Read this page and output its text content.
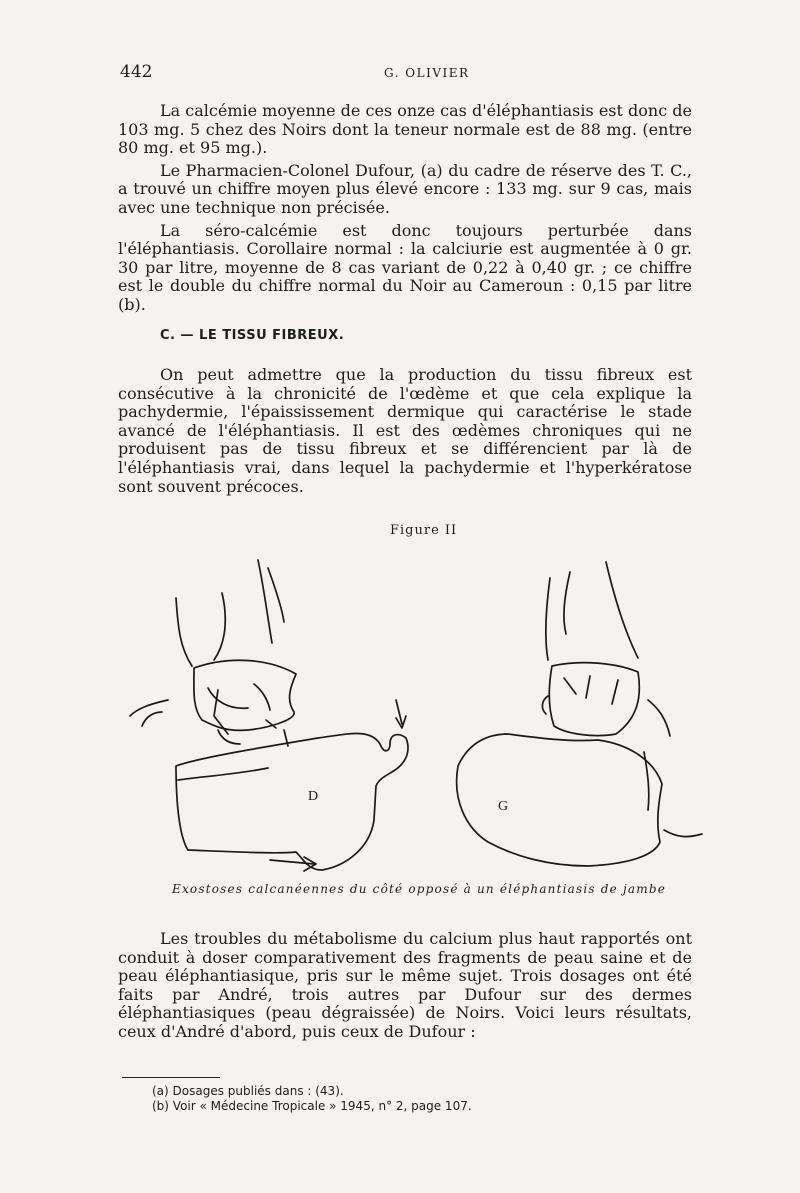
442	G. OLIVIER

La calcémie moyenne de ces onze cas d'éléphantiasis est donc de 103 mg. 5 chez des Noirs dont la teneur normale est de 88 mg. (entre 80 mg. et 95 mg.).

Le Pharmacien-Colonel Dufour, (a) du cadre de réserve des T. C., a trouvé un chiffre moyen plus élevé encore : 133 mg. sur 9 cas, mais avec une technique non précisée.

La séro-calcémie est donc toujours perturbée dans l'éléphantiasis. Corollaire normal : la calciurie est augmentée à 0 gr. 30 par litre, moyenne de 8 cas variant de 0,22 à 0,40 gr. ; ce chiffre est le double du chiffre normal du Noir au Cameroun : 0,15 par litre (b).

C. — LE TISSU FIBREUX.

On peut admettre que la production du tissu fibreux est consécutive à la chronicité de l'œdème et que cela explique la pachydermie, l'épaississement dermique qui caractérise le stade avancé de l'éléphantiasis. Il est des œdèmes chroniques qui ne produisent pas de tissu fibreux et se différencient par là de l'éléphantiasis vrai, dans lequel la pachydermie et l'hyperkératose sont souvent précoces.

Figure II
D
G
Exostoses calcanéennes du côté opposé à un éléphantiasis de jambe

Les troubles du métabolisme du calcium plus haut rapportés ont conduit à doser comparativement des fragments de peau saine et de peau éléphantiasique, pris sur le même sujet. Trois dosages ont été faits par André, trois autres par Dufour sur des dermes éléphantiasiques (peau dégraissée) de Noirs. Voici leurs résultats, ceux d'André d'abord, puis ceux de Dufour :

(a) Dosages publiés dans : (43).
(b) Voir « Médecine Tropicale » 1945, n° 2, page 107.
